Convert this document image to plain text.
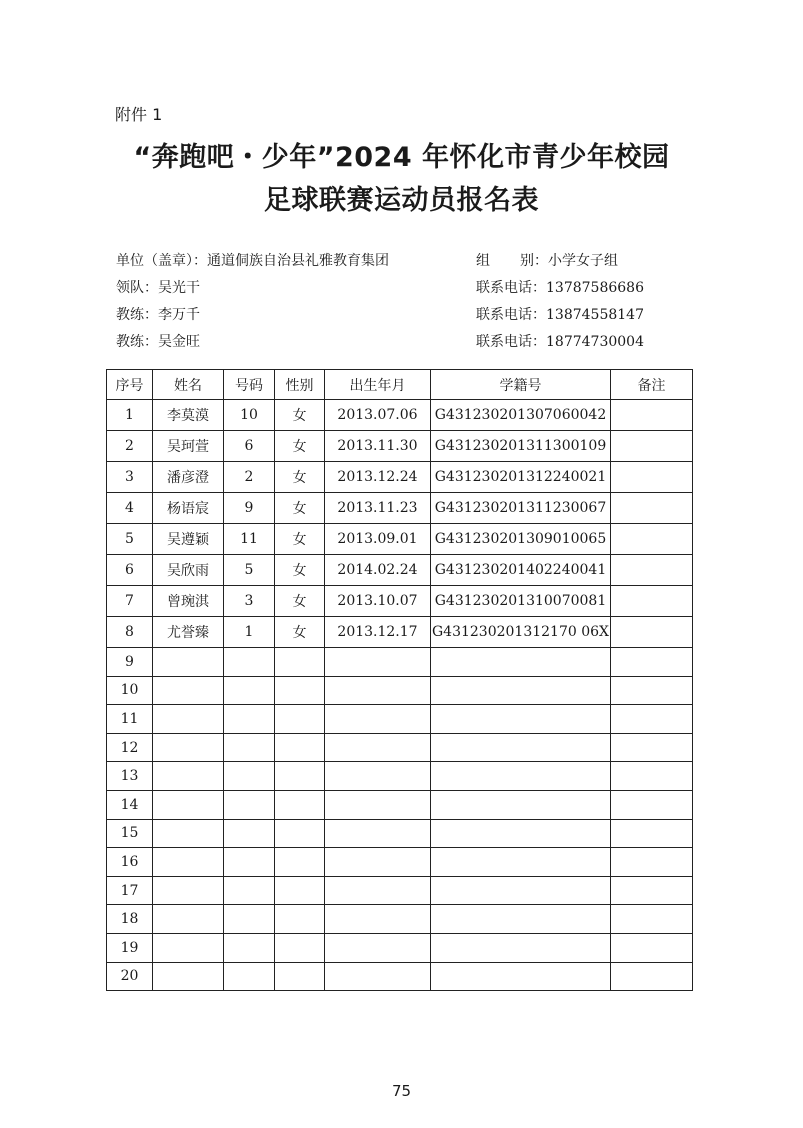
附件 1
“奔跑吧・少年”2024 年怀化市青少年校园
足球联赛运动员报名表
单位（盖章）：通道侗族自治县礼雅教育集团	组 别：小学女子组
领队：吴光干	联系电话：13787586686
教练：李万千	联系电话：13874558147
教练：吴金旺	联系电话：18774730004
序号	姓名	号码	性别	出生年月	学籍号	备注
1	李莫漠	10	女	2013.07.06	G431230201307060042	
2	吴珂萱	6	女	2013.11.30	G431230201311300109	
3	潘彦澄	2	女	2013.12.24	G431230201312240021	
4	杨语宸	9	女	2013.11.23	G431230201311230067	
5	吴遵颖	11	女	2013.09.01	G431230201309010065	
6	吴欣雨	5	女	2014.02.24	G431230201402240041	
7	曾琬淇	3	女	2013.10.07	G431230201310070081	
8	尤誉臻	1	女	2013.12.17	G431230201312170 06X	
9						
10						
11						
12						
13						
14						
15						
16						
17						
18						
19						
20						
75
